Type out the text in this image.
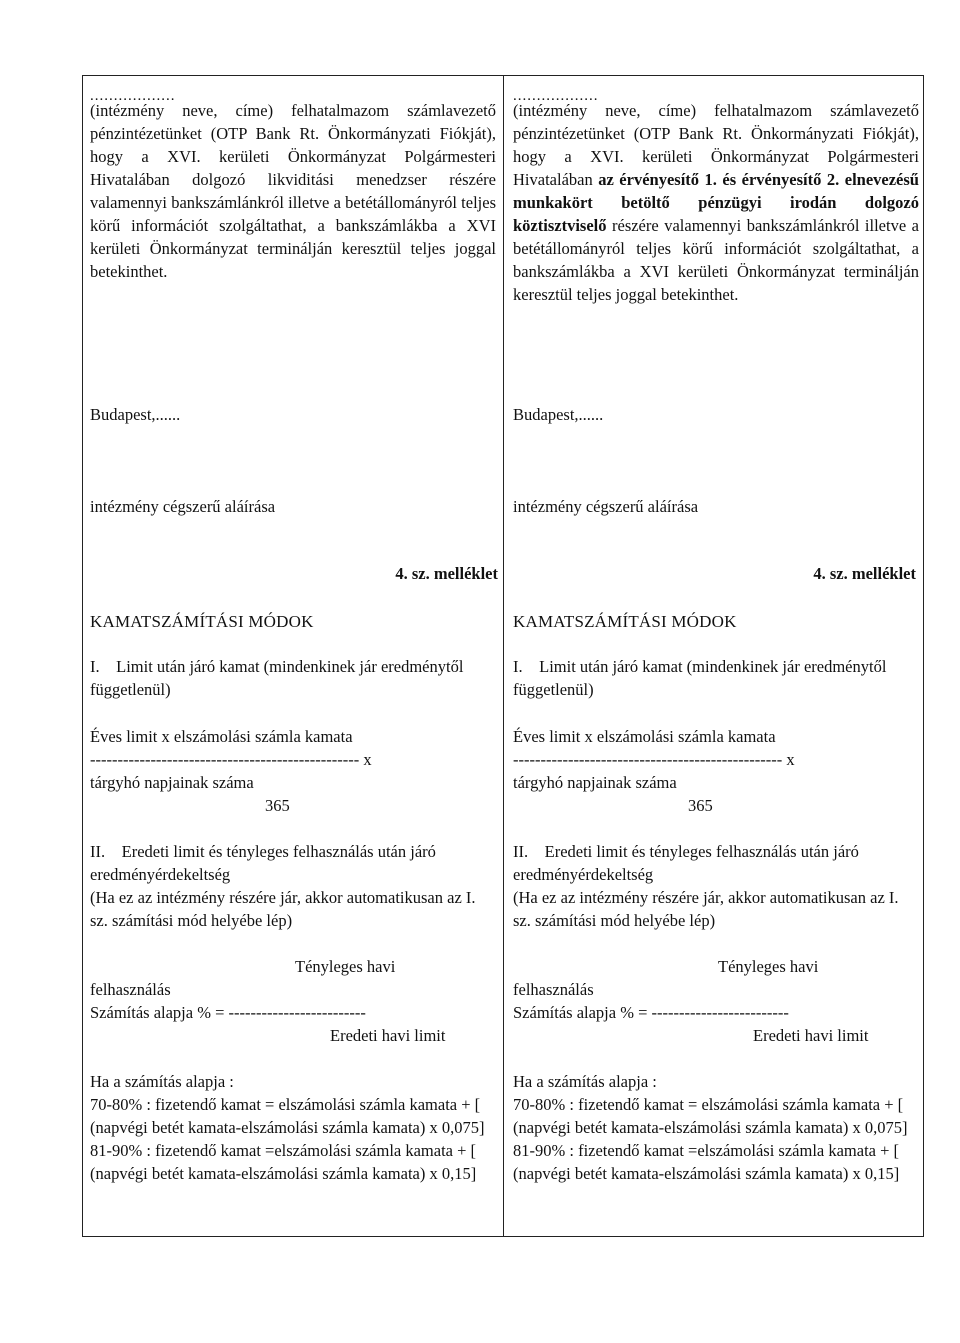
..................

(intézmény neve, címe) felhatalmazom számlavezető pénzintézetünket (OTP Bank Rt. Önkormányzati Fiókját), hogy a XVI. kerületi Önkormányzat Polgármesteri Hivatalában dolgozó likviditási menedzser részére valamennyi bankszámlánkról illetve a betétállományról teljes körű információt szolgáltathat, a bankszámlákba a XVI kerületi Önkormányzat terminálján keresztül teljes joggal betekinthet.

Budapest,......

intézmény cégszerű aláírása

4. sz. melléklet

KAMATSZÁMÍTÁSI MÓDOK

I.    Limit után járó kamat (mindenkinek jár eredménytől függetlenül)

Éves limit x elszámolási számla kamata

------------------------------------------------- x

tárgyhó napjainak száma

365

II.    Eredeti limit és tényleges felhasználás után járó eredményérdekeltség

(Ha ez az intézmény részére jár, akkor automatikusan az I. sz. számítási mód helyébe lép)

Tényleges havi

felhasználás

Számítás alapja % = -------------------------

Eredeti havi limit

Ha a számítás alapja :

70-80% : fizetendő kamat = elszámolási számla kamata + [ (napvégi betét kamata-elszámolási számla kamata) x 0,075]

81-90% : fizetendő kamat =elszámolási számla kamata + [ (napvégi betét kamata-elszámolási számla kamata) x 0,15]

..................

(intézmény neve, címe) felhatalmazom számlavezető pénzintézetünket (OTP Bank Rt. Önkormányzati Fiókját), hogy a XVI. kerületi Önkormányzat Polgármesteri Hivatalában az érvényesítő 1. és érvényesítő 2. elnevezésű munkakört betöltő pénzügyi irodán dolgozó köztisztviselő részére valamennyi bankszámlánkról illetve a betétállományról teljes körű információt szolgáltathat, a bankszámlákba a XVI kerületi Önkormányzat terminálján keresztül teljes joggal betekinthet.

Budapest,......

intézmény cégszerű aláírása

4. sz. melléklet

KAMATSZÁMÍTÁSI MÓDOK

I.    Limit után járó kamat (mindenkinek jár eredménytől függetlenül)

Éves limit x elszámolási számla kamata

------------------------------------------------- x

tárgyhó napjainak száma

365

II.    Eredeti limit és tényleges felhasználás után járó eredményérdekeltség

(Ha ez az intézmény részére jár, akkor automatikusan az I. sz. számítási mód helyébe lép)

Tényleges havi

felhasználás

Számítás alapja % = -------------------------

Eredeti havi limit

Ha a számítás alapja :

70-80% : fizetendő kamat = elszámolási számla kamata + [ (napvégi betét kamata-elszámolási számla kamata) x 0,075]

81-90% : fizetendő kamat =elszámolási számla kamata + [ (napvégi betét kamata-elszámolási számla kamata) x 0,15]
